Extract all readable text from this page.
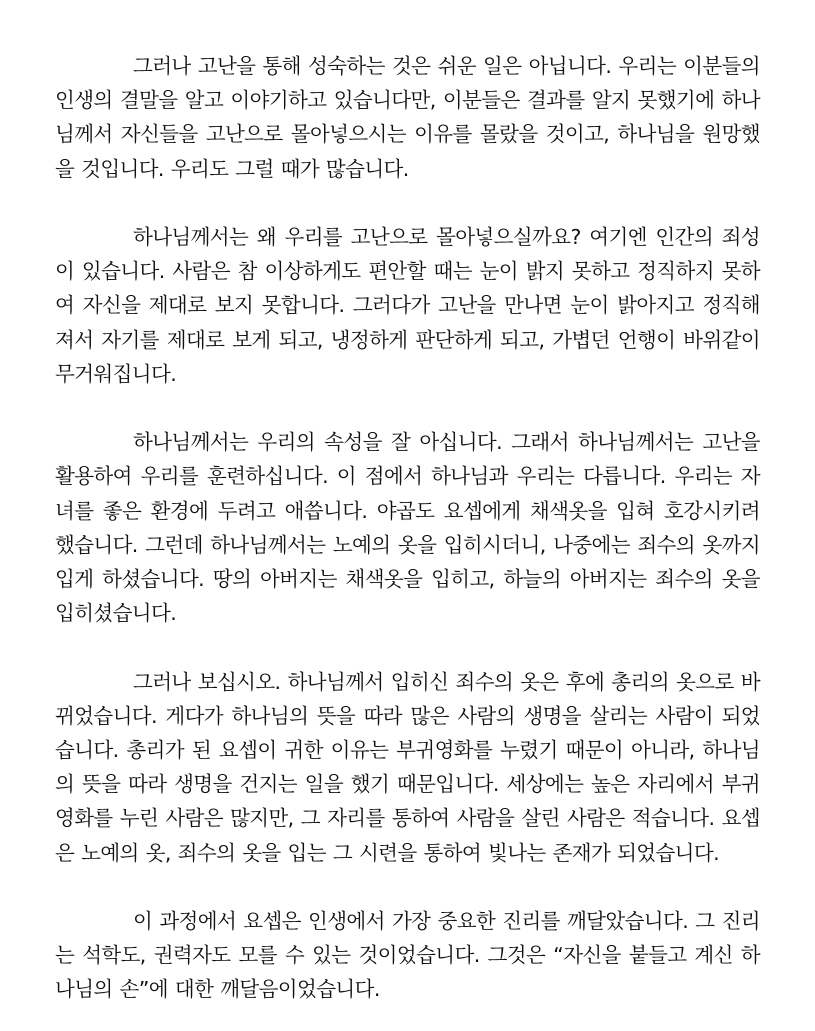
그러나 고난을 통해 성숙하는 것은 쉬운 일은 아닙니다. 우리는 이분들의 인생의 결말을 알고 이야기하고 있습니다만, 이분들은 결과를 알지 못했기에 하나님께서 자신들을 고난으로 몰아넣으시는 이유를 몰랐을 것이고, 하나님을 원망했을 것입니다. 우리도 그럴 때가 많습니다.

하나님께서는 왜 우리를 고난으로 몰아넣으실까요? 여기엔 인간의 죄성이 있습니다. 사람은 참 이상하게도 편안할 때는 눈이 밝지 못하고 정직하지 못하여 자신을 제대로 보지 못합니다. 그러다가 고난을 만나면 눈이 밝아지고 정직해져서 자기를 제대로 보게 되고, 냉정하게 판단하게 되고, 가볍던 언행이 바위같이 무거워집니다.

하나님께서는 우리의 속성을 잘 아십니다. 그래서 하나님께서는 고난을 활용하여 우리를 훈련하십니다. 이 점에서 하나님과 우리는 다릅니다. 우리는 자녀를 좋은 환경에 두려고 애씁니다. 야곱도 요셉에게 채색옷을 입혀 호강시키려 했습니다. 그런데 하나님께서는 노예의 옷을 입히시더니, 나중에는 죄수의 옷까지 입게 하셨습니다. 땅의 아버지는 채색옷을 입히고, 하늘의 아버지는 죄수의 옷을 입히셨습니다.

그러나 보십시오. 하나님께서 입히신 죄수의 옷은 후에 총리의 옷으로 바뀌었습니다. 게다가 하나님의 뜻을 따라 많은 사람의 생명을 살리는 사람이 되었습니다. 총리가 된 요셉이 귀한 이유는 부귀영화를 누렸기 때문이 아니라, 하나님의 뜻을 따라 생명을 건지는 일을 했기 때문입니다. 세상에는 높은 자리에서 부귀영화를 누린 사람은 많지만, 그 자리를 통하여 사람을 살린 사람은 적습니다. 요셉은 노예의 옷, 죄수의 옷을 입는 그 시련을 통하여 빛나는 존재가 되었습니다.

이 과정에서 요셉은 인생에서 가장 중요한 진리를 깨달았습니다. 그 진리는 석학도, 권력자도 모를 수 있는 것이었습니다. 그것은 “자신을 붙들고 계신 하나님의 손”에 대한 깨달음이었습니다.
